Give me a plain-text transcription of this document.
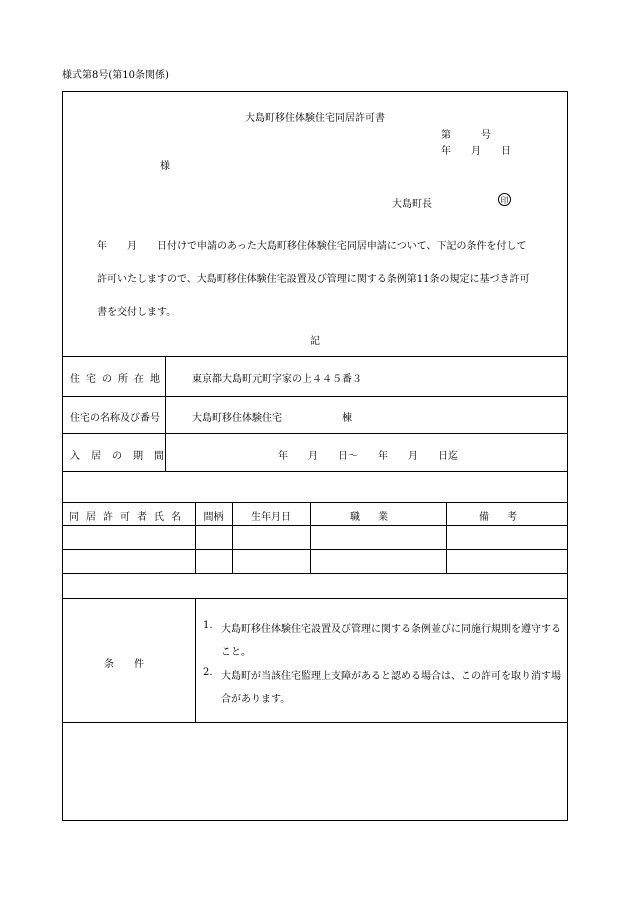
様式第8号(第10条関係)
大島町移住体験住宅同居許可書
第　　　号
年　　月　　日
様
大島町長	印
年　　月　　日付けで申請のあった大島町移住体験住宅同居申請について、下記の条件を付して
許可いたしますので、大島町移住体験住宅設置及び管理に関する条例第11条の規定に基づき許可
書を交付します。
記
住宅の所在地	東京都大島町元町字家の上４４５番３
住宅の名称及び番号	大島町移住体験住宅	棟
入居の期間	年　　月　　日～　　年　　月　　日迄
同居許可者氏名	間柄	生年月日	職業	備考
条　　件
1. 大島町移住体験住宅設置及び管理に関する条例並びに同施行規則を遵守する
こと。
2. 大島町が当該住宅監理上支障があると認める場合は、この許可を取り消す場
合があります。
